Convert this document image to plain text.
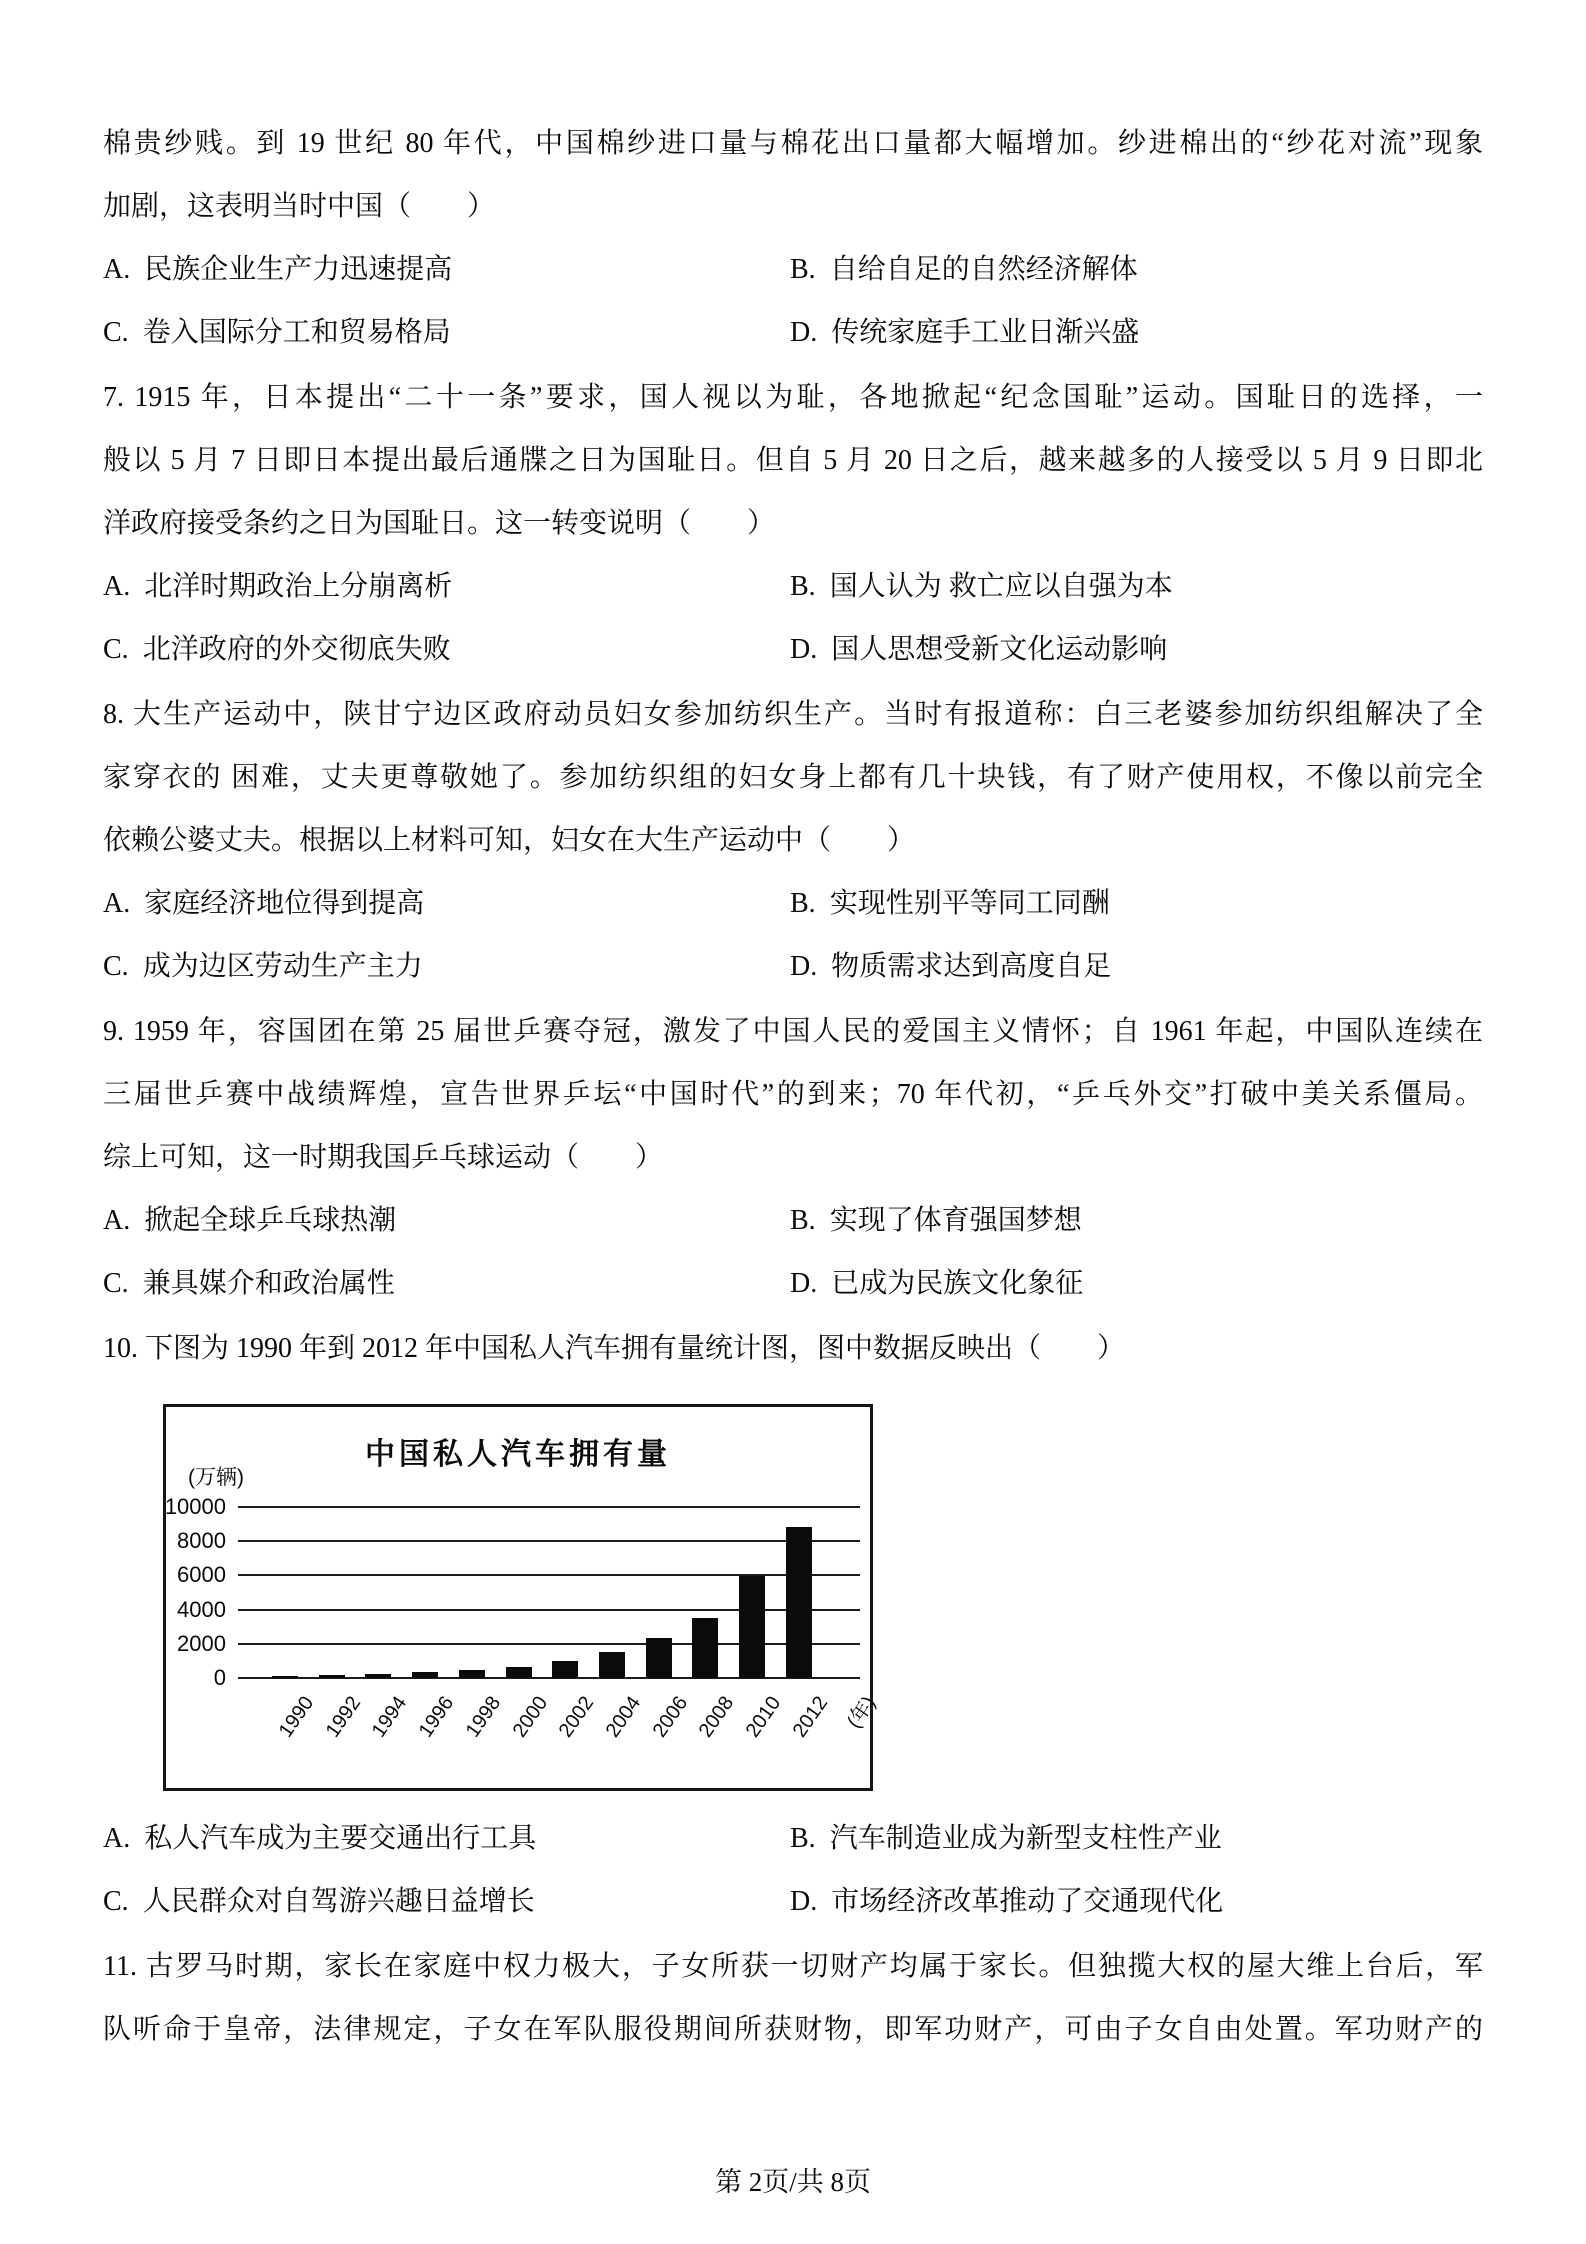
棉贵纱贱。到 19 世纪 80 年代，中国棉纱进口量与棉花出口量都大幅增加。纱进棉出的“纱花对流”现象
加剧，这表明当时中国（　　）
A. 民族企业生产力迅速提高	B. 自给自足的自然经济解体
C. 卷入国际分工和贸易格局	D. 传统家庭手工业日渐兴盛
7. 1915 年，日本提出“二十一条”要求，国人视以为耻，各地掀起“纪念国耻”运动。国耻日的选择，一
般以 5 月 7 日即日本提出最后通牒之日为国耻日。但自 5 月 20 日之后，越来越多的人接受以 5 月 9 日即北
洋政府接受条约之日为国耻日。这一转变说明（　　）
A. 北洋时期政治上分崩离析	B. 国人认为 救亡应以自强为本
C. 北洋政府的外交彻底失败	D. 国人思想受新文化运动影响
8. 大生产运动中，陕甘宁边区政府动员妇女参加纺织生产。当时有报道称：白三老婆参加纺织组解决了全
家穿衣的 困难，丈夫更尊敬她了。参加纺织组的妇女身上都有几十块钱，有了财产使用权，不像以前完全
依赖公婆丈夫。根据以上材料可知，妇女在大生产运动中（　　）
A. 家庭经济地位得到提高	B. 实现性别平等同工同酬
C. 成为边区劳动生产主力	D. 物质需求达到高度自足
9. 1959 年，容国团在第 25 届世乒赛夺冠，激发了中国人民的爱国主义情怀；自 1961 年起，中国队连续在
三届世乒赛中战绩辉煌，宣告世界乒坛“中国时代”的到来；70 年代初，“乒乓外交”打破中美关系僵局。
综上可知，这一时期我国乒乓球运动（　　）
A. 掀起全球乒乓球热潮	B. 实现了体育强国梦想
C. 兼具媒介和政治属性	D. 已成为民族文化象征
10. 下图为 1990 年到 2012 年中国私人汽车拥有量统计图，图中数据反映出（　　）
(万辆)
中国私人汽车拥有量
0
2000
4000
6000
8000
10000
1990 1992 1994 1996 1998 2000 2002 2004 2006 2008 2010 2012 (年)
A. 私人汽车成为主要交通出行工具	B. 汽车制造业成为新型支柱性产业
C. 人民群众对自驾游兴趣日益增长	D. 市场经济改革推动了交通现代化
11. 古罗马时期，家长在家庭中权力极大，子女所获一切财产均属于家长。但独揽大权的屋大维上台后，军
队听命于皇帝，法律规定，子女在军队服役期间所获财物，即军功财产，可由子女自由处置。军功财产的
第 2页/共 8页
